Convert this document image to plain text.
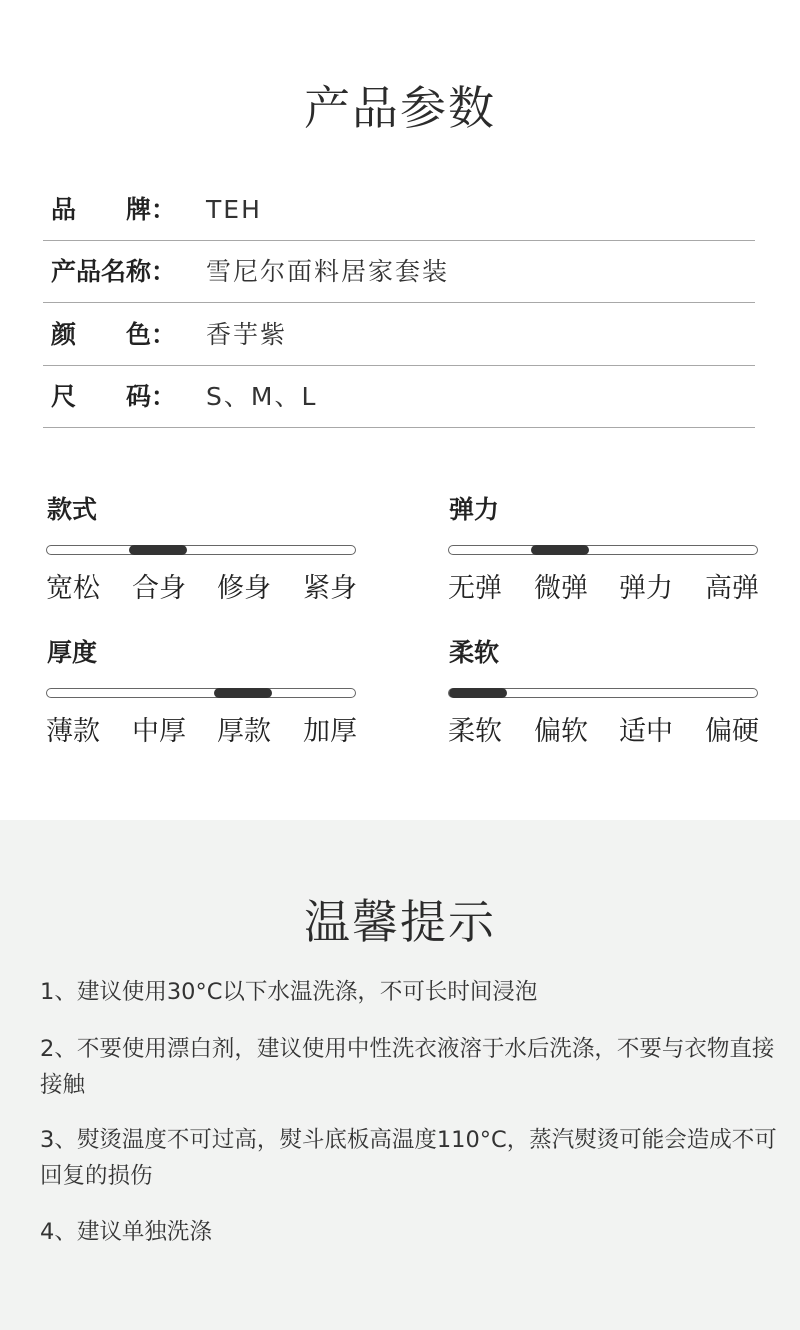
产品参数
品　　牌： TEH
产品名称： 雪尼尔面料居家套装
颜　　色： 香芋紫
尺　　码： S、M、L
款式
宽松 合身 修身 紧身
弹力
无弹 微弹 弹力 高弹
厚度
薄款 中厚 厚款 加厚
柔软
柔软 偏软 适中 偏硬
温馨提示

1、建议使用30°C以下水温洗涤，不可长时间浸泡

2、不要使用漂白剂，建议使用中性洗衣液溶于水后洗涤，不要与衣物直接接触

3、熨烫温度不可过高，熨斗底板高温度110°C，蒸汽熨烫可能会造成不可回复的损伤

4、建议单独洗涤
